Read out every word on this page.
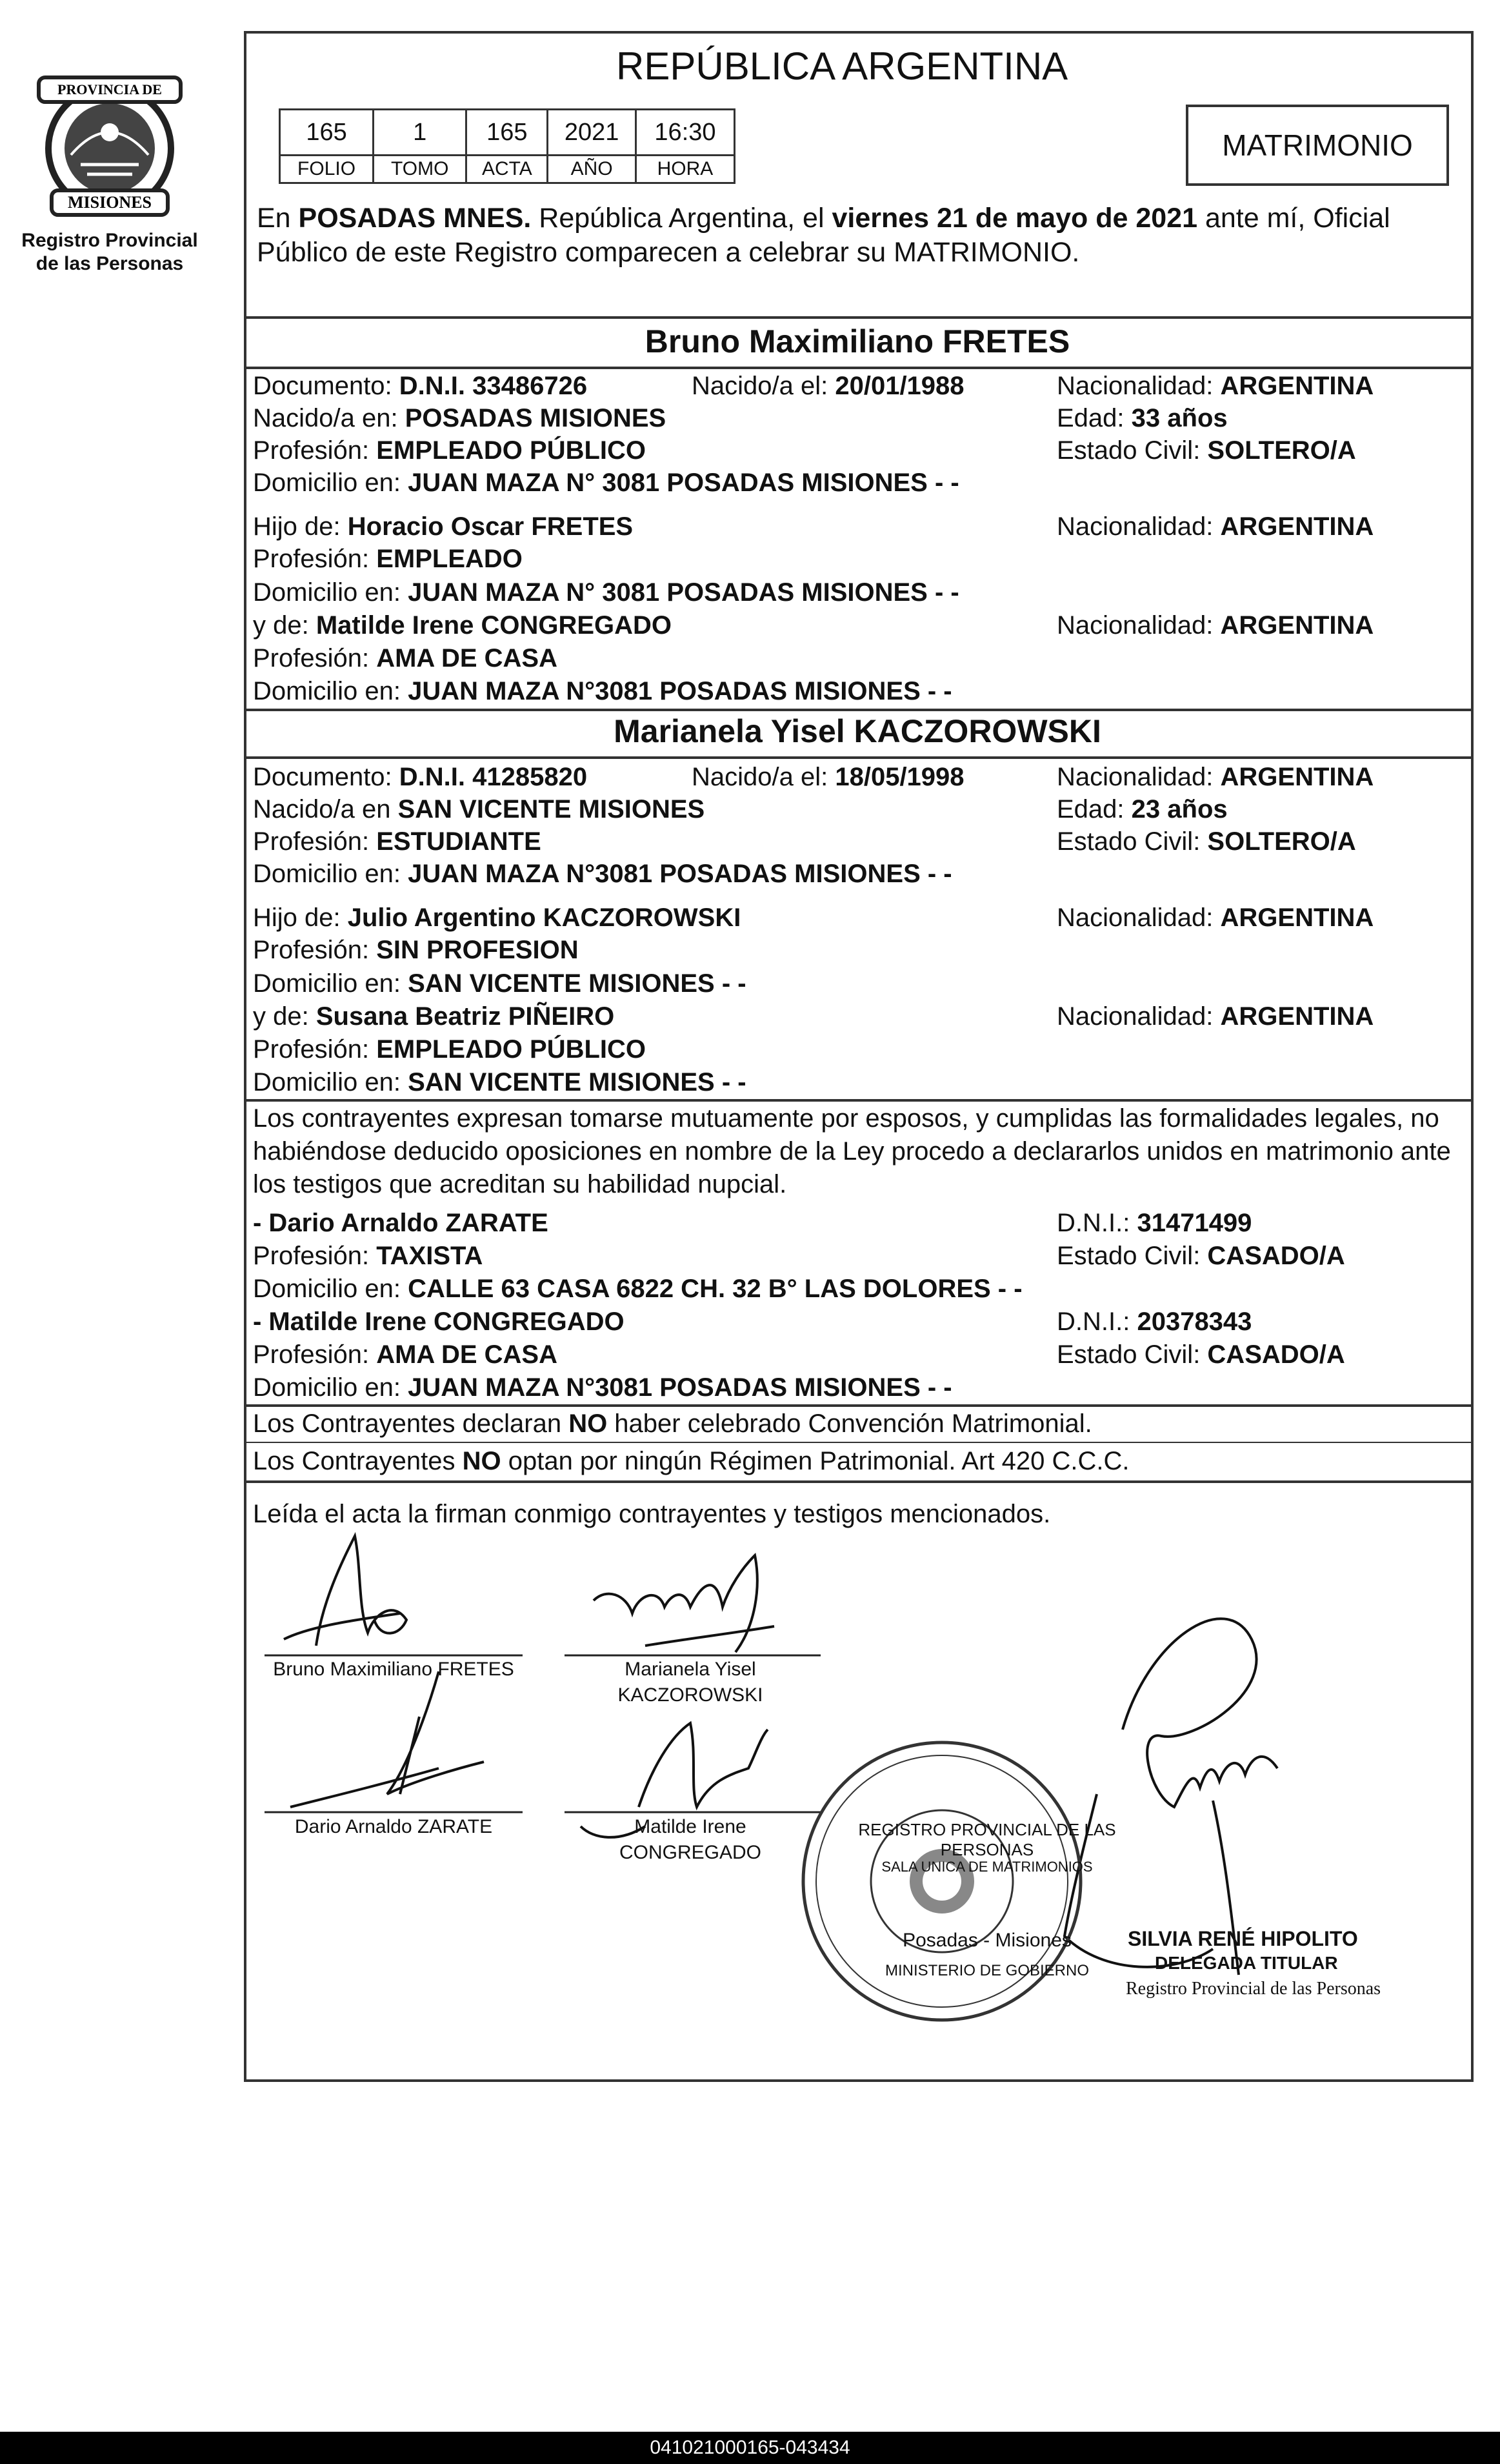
PROVINCIA DE
MISIONES
Registro Provincial
de las Personas
REPÚBLICA ARGENTINA
165	1	165	2021	16:30
FOLIO	TOMO	ACTA	AÑO	HORA
MATRIMONIO
En POSADAS MNES. República Argentina, el viernes 21 de mayo de 2021 ante mí, Oficial
Público de este Registro comparecen a celebrar su MATRIMONIO.
Bruno Maximiliano FRETES
Documento: D.N.I. 33486726	Nacido/a el: 20/01/1988	Nacionalidad: ARGENTINA
Nacido/a en: POSADAS MISIONES	Edad: 33 años
Profesión: EMPLEADO PÚBLICO	Estado Civil: SOLTERO/A
Domicilio en: JUAN MAZA N° 3081 POSADAS MISIONES - -
Hijo de: Horacio Oscar FRETES	Nacionalidad: ARGENTINA
Profesión: EMPLEADO
Domicilio en: JUAN MAZA N° 3081 POSADAS MISIONES - -
y de: Matilde Irene CONGREGADO	Nacionalidad: ARGENTINA
Profesión: AMA DE CASA
Domicilio en: JUAN MAZA N°3081 POSADAS MISIONES - -
Marianela Yisel KACZOROWSKI
Documento: D.N.I. 41285820	Nacido/a el: 18/05/1998	Nacionalidad: ARGENTINA
Nacido/a en SAN VICENTE MISIONES	Edad: 23 años
Profesión: ESTUDIANTE	Estado Civil: SOLTERO/A
Domicilio en: JUAN MAZA N°3081 POSADAS MISIONES - -
Hijo de: Julio Argentino KACZOROWSKI	Nacionalidad: ARGENTINA
Profesión: SIN PROFESION
Domicilio en: SAN VICENTE MISIONES - -
y de: Susana Beatriz PIÑEIRO	Nacionalidad: ARGENTINA
Profesión: EMPLEADO PÚBLICO
Domicilio en: SAN VICENTE MISIONES - -
Los contrayentes expresan tomarse mutuamente por esposos, y cumplidas las formalidades legales, no
habiéndose deducido oposiciones en nombre de la Ley procedo a declararlos unidos en matrimonio ante
los testigos que acreditan su habilidad nupcial.
- Dario Arnaldo ZARATE	D.N.I.: 31471499
Profesión: TAXISTA	Estado Civil: CASADO/A
Domicilio en: CALLE 63 CASA 6822 CH. 32 B° LAS DOLORES - -
- Matilde Irene CONGREGADO	D.N.I.: 20378343
Profesión: AMA DE CASA	Estado Civil: CASADO/A
Domicilio en: JUAN MAZA N°3081 POSADAS MISIONES - -
Los Contrayentes declaran NO haber celebrado Convención Matrimonial.
Los Contrayentes NO optan por ningún Régimen Patrimonial. Art 420 C.C.C.
Leída el acta la firman conmigo contrayentes y testigos mencionados.
Bruno Maximiliano FRETES	Marianela Yisel
KACZOROWSKI
Dario Arnaldo ZARATE	Matilde Irene
CONGREGADO
REGISTRO PROVINCIAL DE LAS PERSONAS
SALA UNICA DE MATRIMONIOS
Posadas - Misiones
MINISTERIO DE GOBIERNO
SILVIA RENÉ HIPOLITO
DELEGADA TITULAR
Registro Provincial de las Personas
041021000165-043434
